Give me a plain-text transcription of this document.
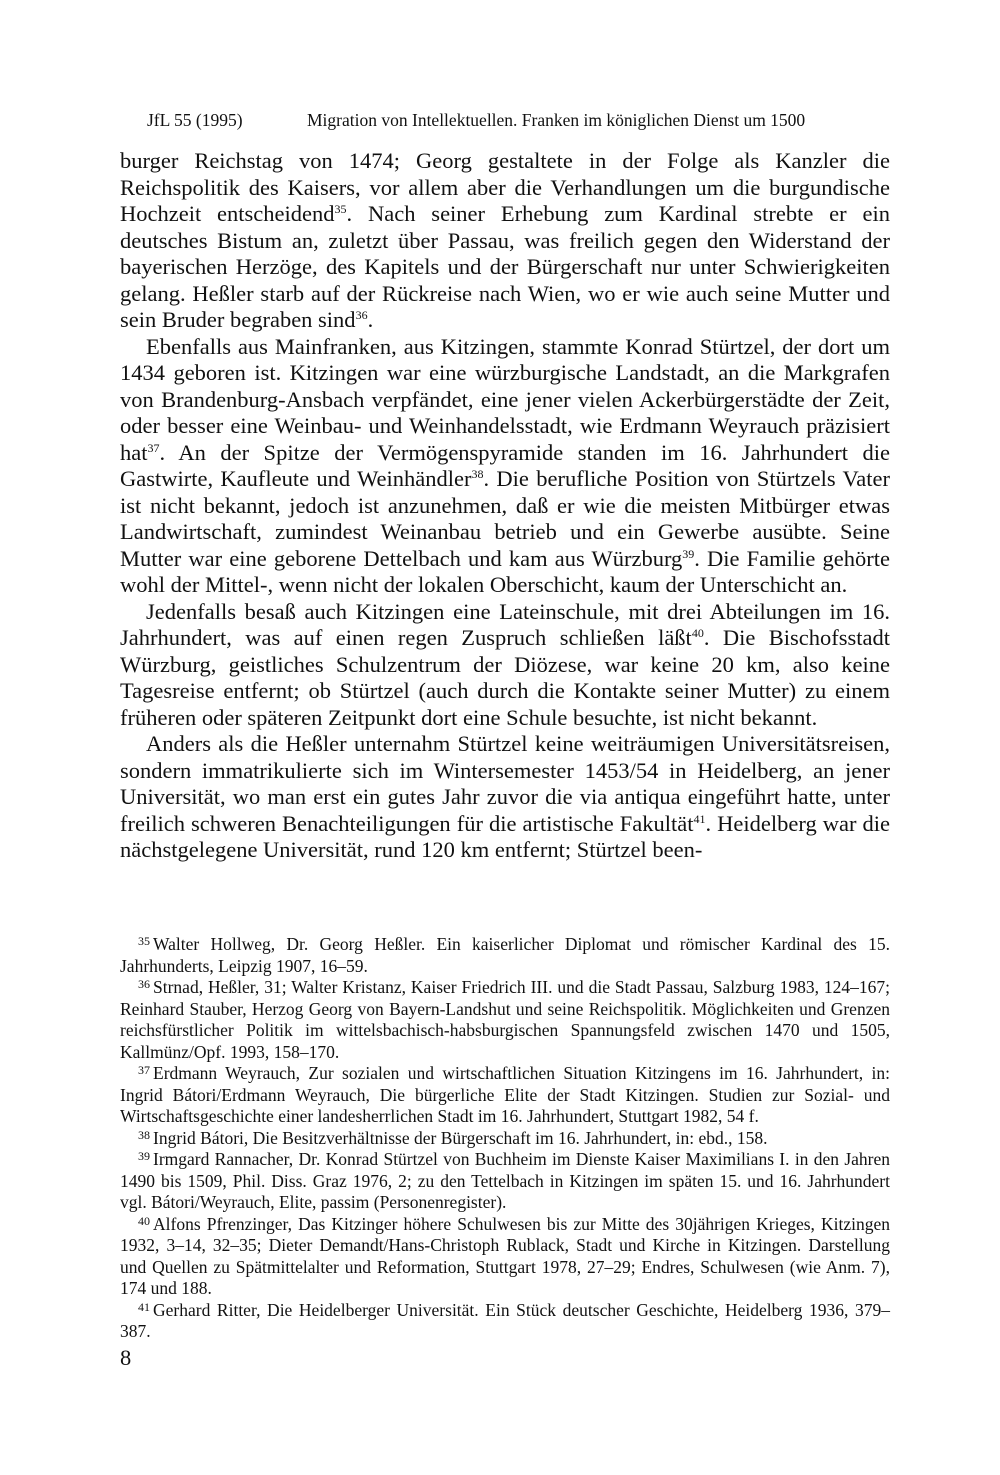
JfL 55 (1995)	Migration von Intellektuellen. Franken im königlichen Dienst um 1500

burger Reichstag von 1474; Georg gestaltete in der Folge als Kanzler die Reichspolitik des Kaisers, vor allem aber die Verhandlungen um die burgundische Hochzeit entscheidend$^{35}$. Nach seiner Erhebung zum Kardinal strebte er ein deutsches Bistum an, zuletzt über Passau, was freilich gegen den Widerstand der bayerischen Herzöge, des Kapitels und der Bürgerschaft nur unter Schwierigkeiten gelang. Heßler starb auf der Rückreise nach Wien, wo er wie auch seine Mutter und sein Bruder begraben sind$^{36}$.

Ebenfalls aus Mainfranken, aus Kitzingen, stammte Konrad Stürtzel, der dort um 1434 geboren ist. Kitzingen war eine würzburgische Landstadt, an die Markgrafen von Brandenburg-Ansbach verpfändet, eine jener vielen Ackerbürgerstädte der Zeit, oder besser eine Weinbau- und Weinhandelsstadt, wie Erdmann Weyrauch präzisiert hat$^{37}$. An der Spitze der Vermögenspyramide standen im 16. Jahrhundert die Gastwirte, Kaufleute und Weinhändler$^{38}$. Die berufliche Position von Stürtzels Vater ist nicht bekannt, jedoch ist anzunehmen, daß er wie die meisten Mitbürger etwas Landwirtschaft, zumindest Weinanbau betrieb und ein Gewerbe ausübte. Seine Mutter war eine geborene Dettelbach und kam aus Würzburg$^{39}$. Die Familie gehörte wohl der Mittel-, wenn nicht der lokalen Oberschicht, kaum der Unterschicht an.

Jedenfalls besaß auch Kitzingen eine Lateinschule, mit drei Abteilungen im 16. Jahrhundert, was auf einen regen Zuspruch schließen läßt$^{40}$. Die Bischofsstadt Würzburg, geistliches Schulzentrum der Diözese, war keine 20 km, also keine Tagesreise entfernt; ob Stürtzel (auch durch die Kontakte seiner Mutter) zu einem früheren oder späteren Zeitpunkt dort eine Schule besuchte, ist nicht bekannt.

Anders als die Heßler unternahm Stürtzel keine weiträumigen Universitätsreisen, sondern immatrikulierte sich im Wintersemester 1453/54 in Heidelberg, an jener Universität, wo man erst ein gutes Jahr zuvor die via antiqua eingeführt hatte, unter freilich schweren Benachteiligungen für die artistische Fakultät$^{41}$. Heidelberg war die nächstgelegene Universität, rund 120 km entfernt; Stürtzel been-

$^{35}$ Walter Hollweg, Dr. Georg Heßler. Ein kaiserlicher Diplomat und römischer Kardinal des 15. Jahrhunderts, Leipzig 1907, 16–59.

$^{36}$ Strnad, Heßler, 31; Walter Kristanz, Kaiser Friedrich III. und die Stadt Passau, Salzburg 1983, 124–167; Reinhard Stauber, Herzog Georg von Bayern-Landshut und seine Reichspolitik. Möglichkeiten und Grenzen reichsfürstlicher Politik im wittelsbachisch-habsburgischen Spannungsfeld zwischen 1470 und 1505, Kallmünz/Opf. 1993, 158–170.

$^{37}$ Erdmann Weyrauch, Zur sozialen und wirtschaftlichen Situation Kitzingens im 16. Jahrhundert, in: Ingrid Bátori/Erdmann Weyrauch, Die bürgerliche Elite der Stadt Kitzingen. Studien zur Sozial- und Wirtschaftsgeschichte einer landesherrlichen Stadt im 16. Jahrhundert, Stuttgart 1982, 54 f.

$^{38}$ Ingrid Bátori, Die Besitzverhältnisse der Bürgerschaft im 16. Jahrhundert, in: ebd., 158.

$^{39}$ Irmgard Rannacher, Dr. Konrad Stürtzel von Buchheim im Dienste Kaiser Maximilians I. in den Jahren 1490 bis 1509, Phil. Diss. Graz 1976, 2; zu den Tettelbach in Kitzingen im späten 15. und 16. Jahrhundert vgl. Bátori/Weyrauch, Elite, passim (Personenregister).

$^{40}$ Alfons Pfrenzinger, Das Kitzinger höhere Schulwesen bis zur Mitte des 30jährigen Krieges, Kitzingen 1932, 3–14, 32–35; Dieter Demandt/Hans-Christoph Rublack, Stadt und Kirche in Kitzingen. Darstellung und Quellen zu Spätmittelalter und Reformation, Stuttgart 1978, 27–29; Endres, Schulwesen (wie Anm. 7), 174 und 188.

$^{41}$ Gerhard Ritter, Die Heidelberger Universität. Ein Stück deutscher Geschichte, Heidelberg 1936, 379–387.

8
